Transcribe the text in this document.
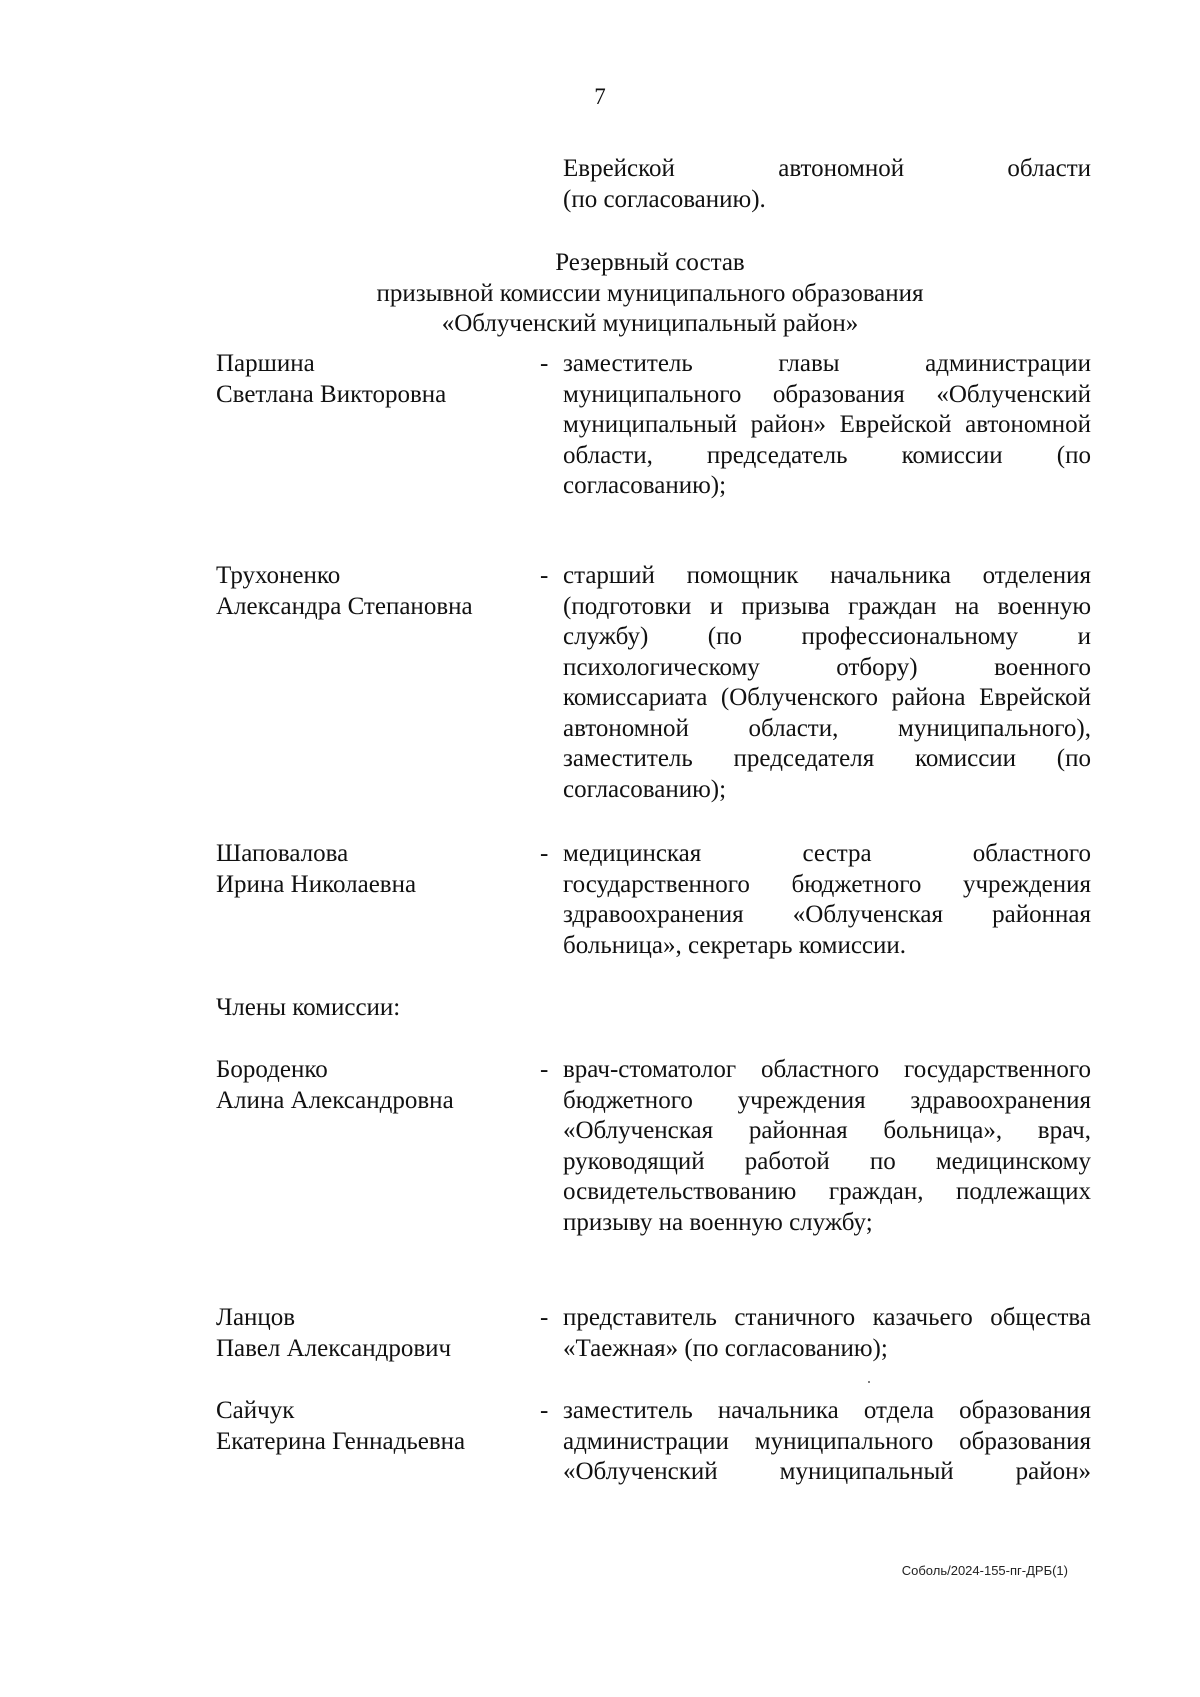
7
Еврейской автономной области
(по согласованию).
Резервный состав
призывной комиссии муниципального образования
«Облученский муниципальный район»
Паршина
Светлана Викторовна
- заместитель главы администрации муниципального образования «Облученский муниципальный район» Еврейской автономной области, председатель комиссии (по согласованию);
Трухоненко
Александра Степановна
- старший помощник начальника отделения (подготовки и призыва граждан на военную службу) (по профессиональному и психологическому отбору) военного комиссариата (Облученского района Еврейской автономной области, муниципального), заместитель председателя комиссии (по согласованию);
Шаповалова
Ирина Николаевна
- медицинская сестра областного государственного бюджетного учреждения здравоохранения «Облученская районная больница», секретарь комиссии.
Члены комиссии:
Бороденко
Алина Александровна
- врач-стоматолог областного государственного бюджетного учреждения здравоохранения «Облученская районная больница», врач, руководящий работой по медицинскому освидетельствованию граждан, подлежащих призыву на военную службу;
Ланцов
Павел Александрович
- представитель станичного казачьего общества «Таежная» (по согласованию);
Сайчук
Екатерина Геннадьевна
- заместитель начальника отдела образования администрации муниципального образования «Облученский муниципальный район»
Соболь/2024-155-пг-ДРБ(1)
